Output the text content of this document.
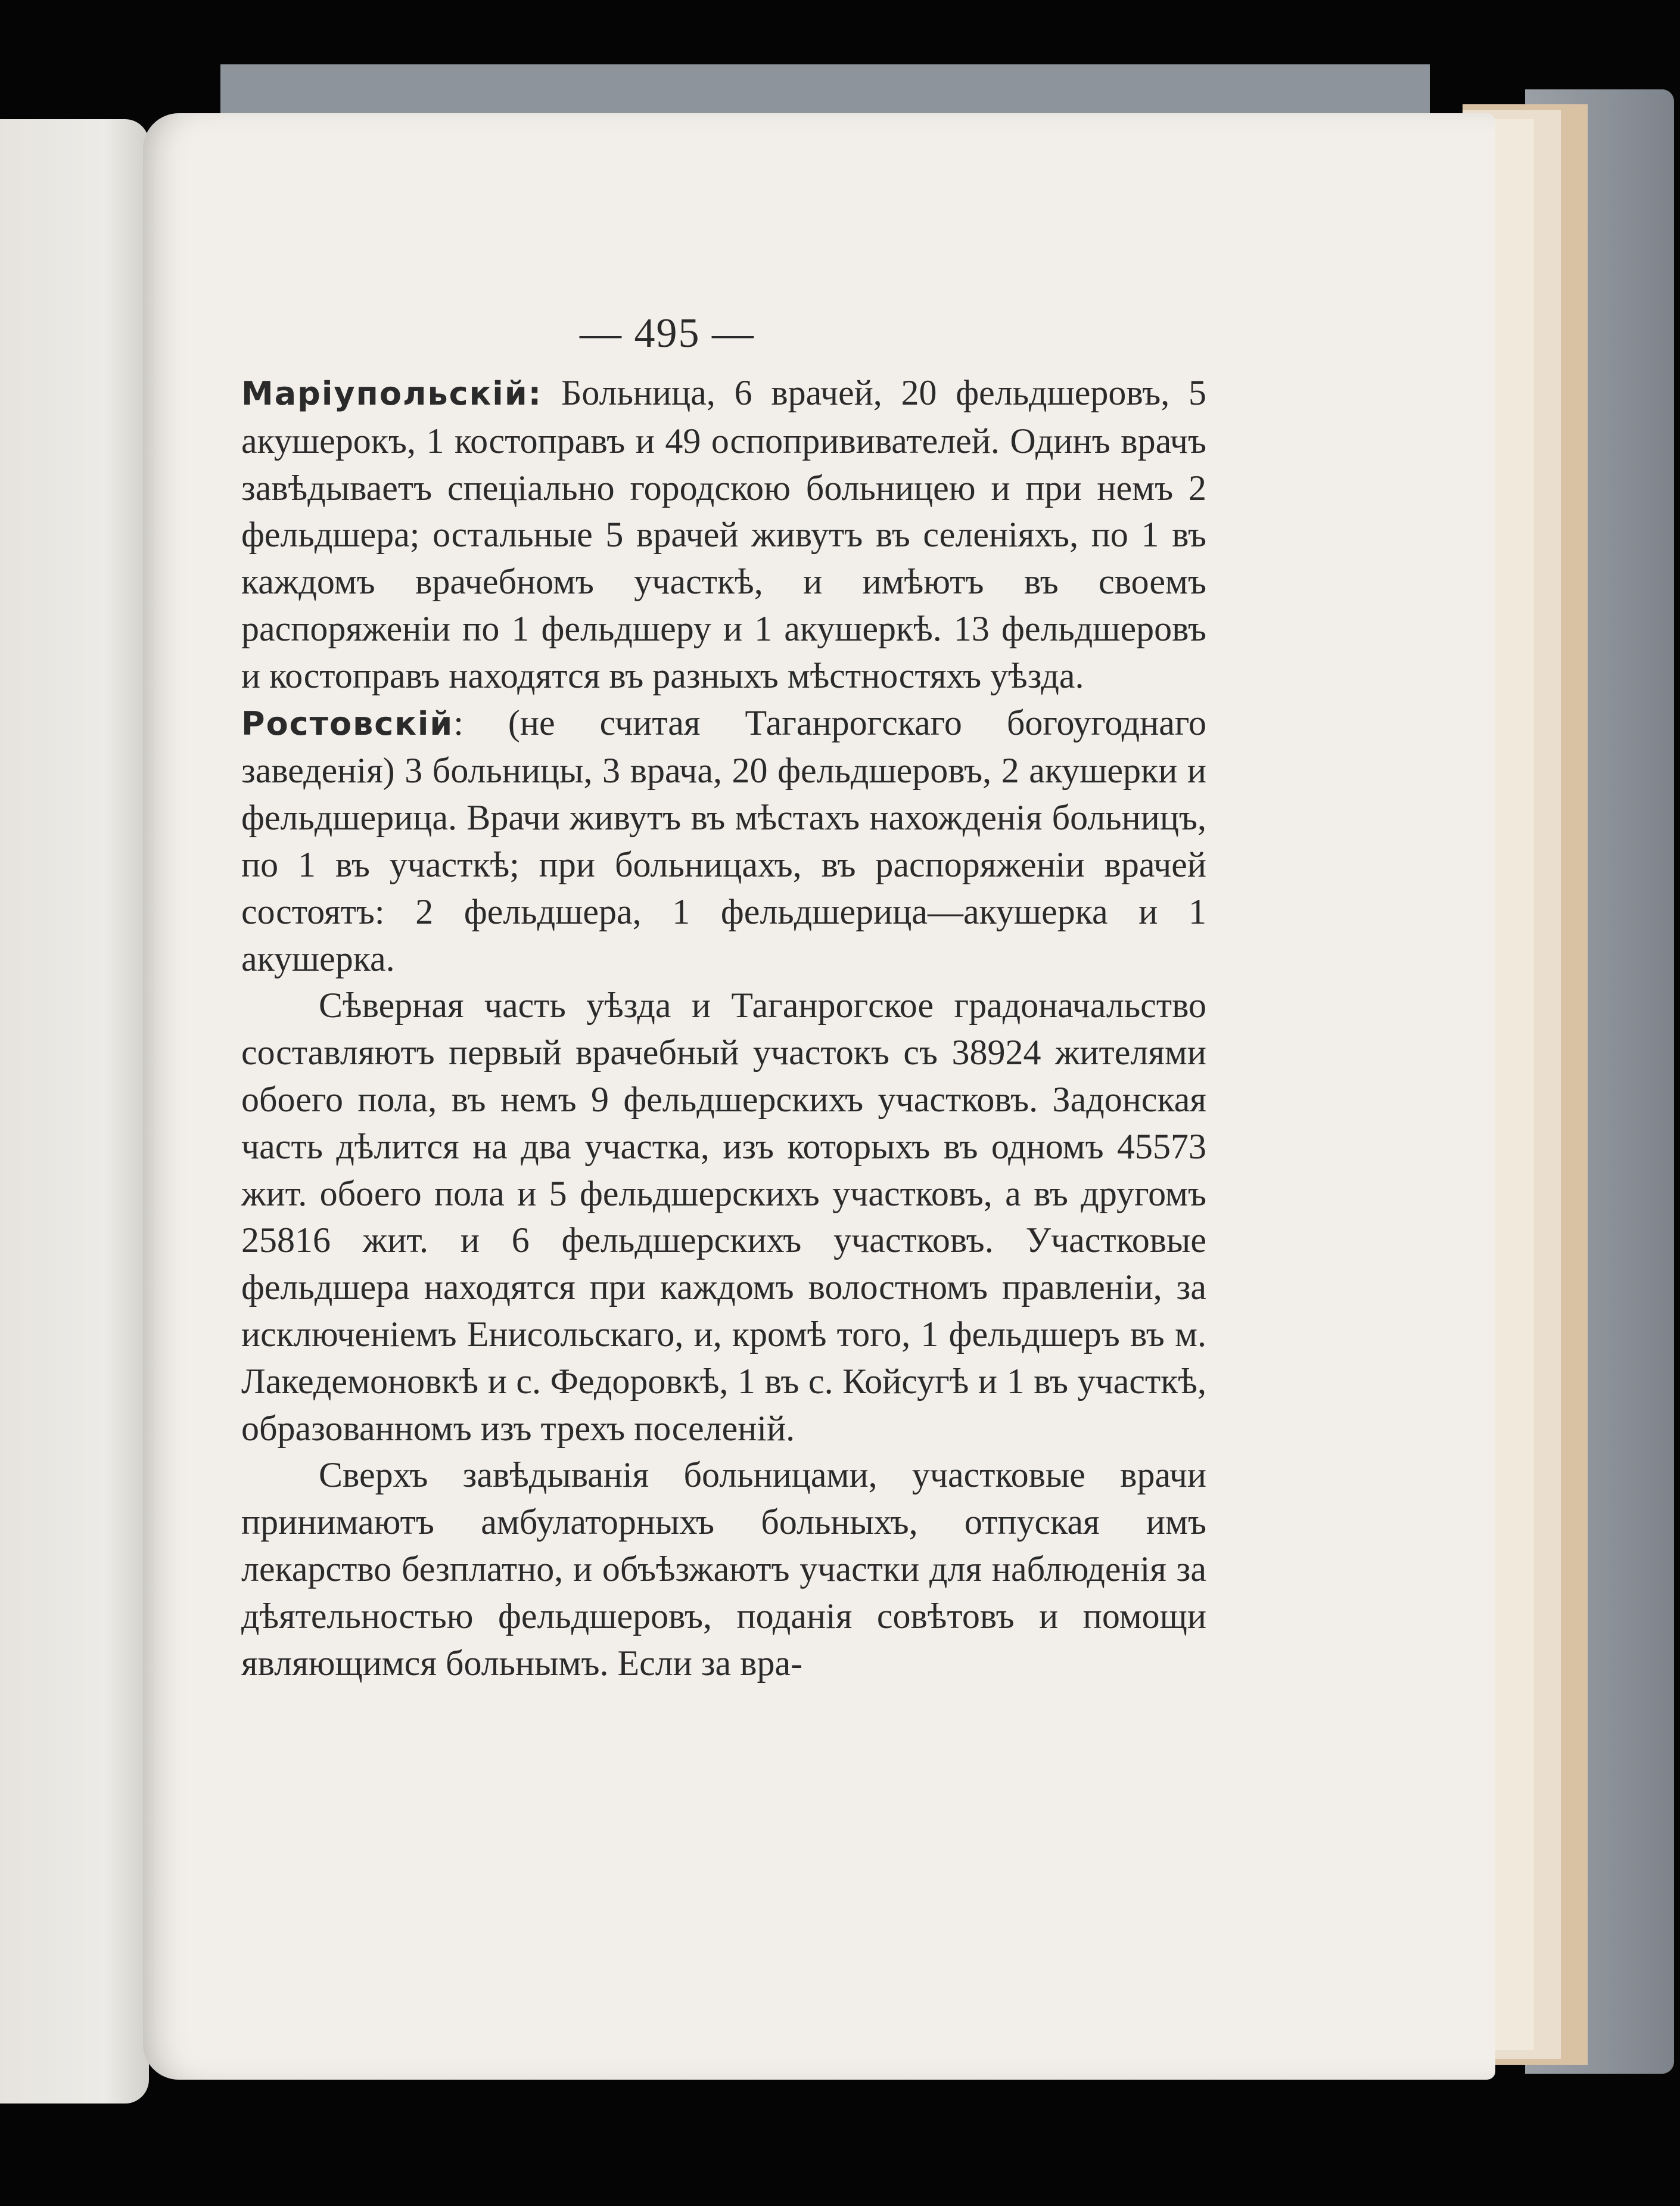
— 495 —

Маріупольскій: Больница, 6 врачей, 20 фельдшеровъ, 5 акушерокъ, 1 костоправъ и 49 оспопрививателей. Одинъ врачъ завѣдываетъ спеціально городскою больницею и при немъ 2 фельдшера; остальные 5 врачей живутъ въ селеніяхъ, по 1 въ каждомъ врачебномъ участкѣ, и имѣютъ въ своемъ распоряженіи по 1 фельдшеру и 1 акушеркѣ. 13 фельдшеровъ и костоправъ находятся въ разныхъ мѣстностяхъ уѣзда.

Ростовскій: (не считая Таганрогскаго богоугоднаго заведенія) 3 больницы, 3 врача, 20 фельдшеровъ, 2 акушерки и фельдшерица. Врачи живутъ въ мѣстахъ нахожденія больницъ, по 1 въ участкѣ; при больницахъ, въ распоряженіи врачей состоятъ: 2 фельдшера, 1 фельдшерица—акушерка и 1 акушерка.

Сѣверная часть уѣзда и Таганрогское градоначальство составляютъ первый врачебный участокъ съ 38924 жителями обоего пола, въ немъ 9 фельдшерскихъ участковъ. Задонская часть дѣлится на два участка, изъ которыхъ въ одномъ 45573 жит. обоего пола и 5 фельдшерскихъ участковъ, а въ другомъ 25816 жит. и 6 фельдшерскихъ участковъ. Участковые фельдшера находятся при каждомъ волостномъ правленіи, за исключеніемъ Енисольскаго, и, кромѣ того, 1 фельдшеръ въ м. Лакедемоновкѣ и с. Федоровкѣ, 1 въ с. Койсугѣ и 1 въ участкѣ, образованномъ изъ трехъ поселеній.

Сверхъ завѣдыванія больницами, участковые врачи принимаютъ амбулаторныхъ больныхъ, отпуская имъ лекарство безплатно, и объѣзжаютъ участки для наблюденія за дѣятельностью фельдшеровъ, поданія совѣтовъ и помощи являющимся больнымъ. Если за вра-
